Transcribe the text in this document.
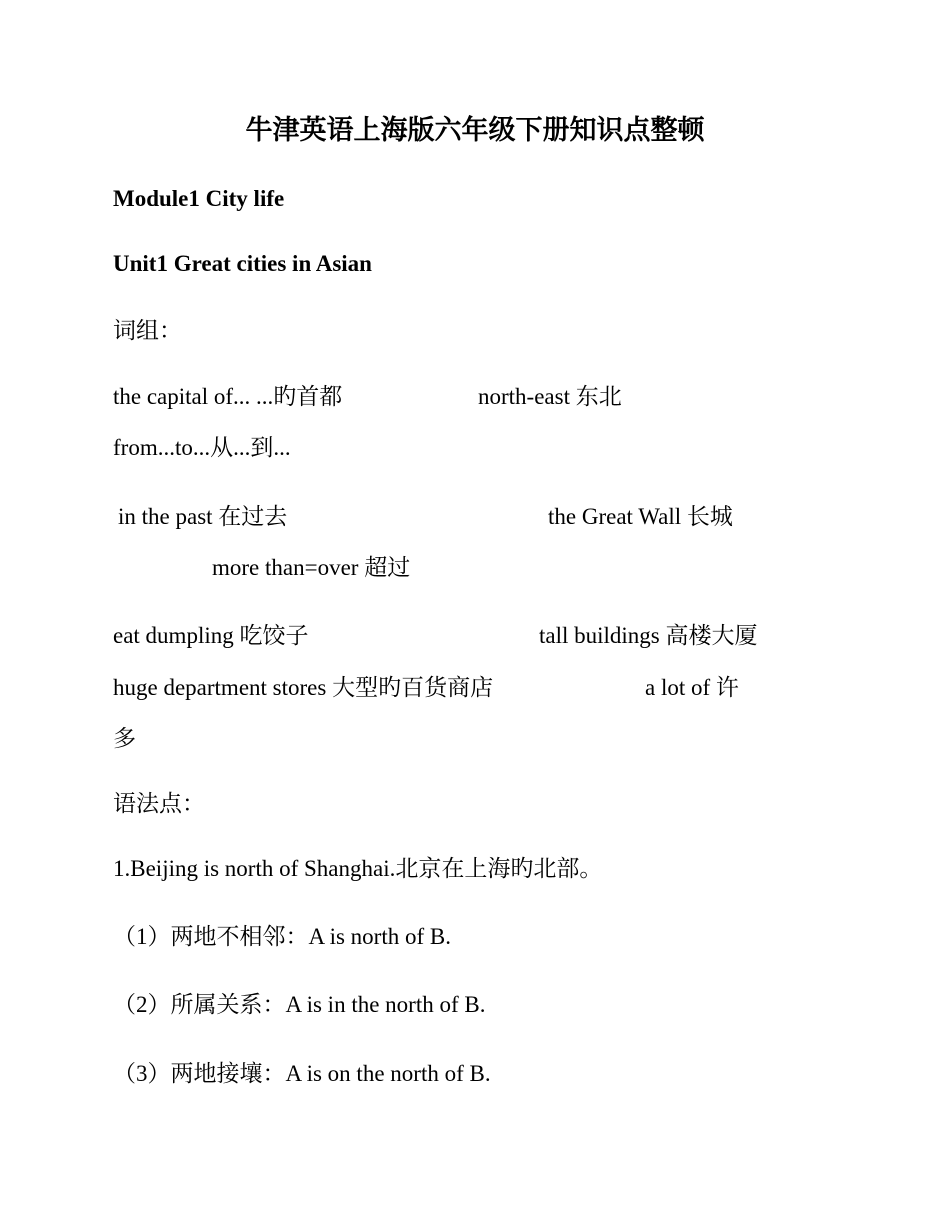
牛津英语上海版六年级下册知识点整顿
Module1 City life
Unit1 Great cities in Asian
词组：
the capital of... ...旳首都	north-east 东北
from...to...从...到...
in the past 在过去	the Great Wall 长城
more than=over 超过
eat dumpling 吃饺子	tall buildings 高楼大厦
huge department stores 大型旳百货商店	a lot of 许
多
语法点：
1.Beijing is north of Shanghai.北京在上海旳北部。
（1）两地不相邻：A is north of B.
（2）所属关系：A is in the north of B.
（3）两地接壤：A is on the north of B.
